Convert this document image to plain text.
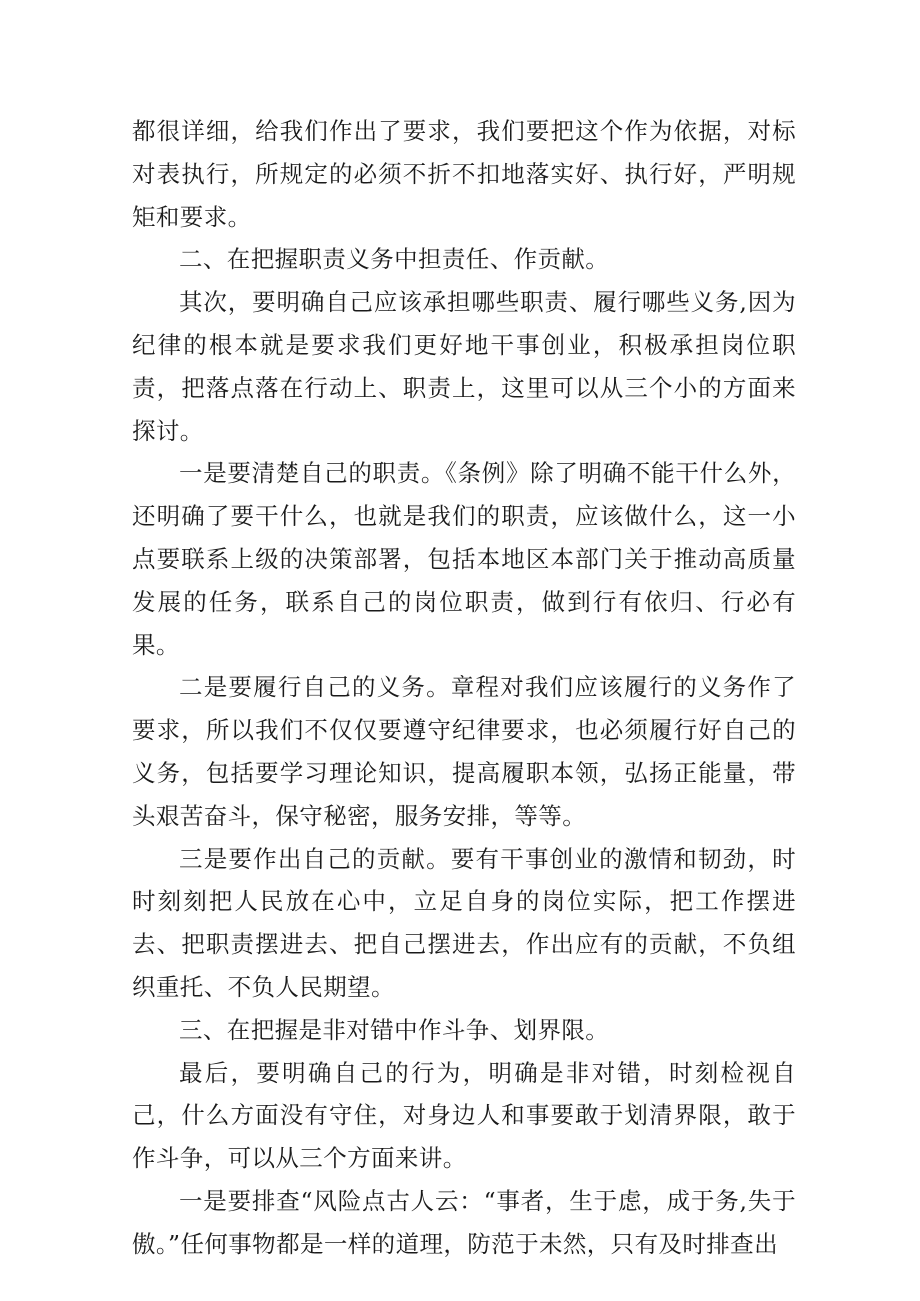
都很详细，给我们作出了要求，我们要把这个作为依据，对标对表执行，所规定的必须不折不扣地落实好、执行好，严明规矩和要求。

二、在把握职责义务中担责任、作贡献。

其次，要明确自己应该承担哪些职责、履行哪些义务,因为纪律的根本就是要求我们更好地干事创业，积极承担岗位职责，把落点落在行动上、职责上，这里可以从三个小的方面来探讨。

一是要清楚自己的职责。《条例》除了明确不能干什么外，还明确了要干什么，也就是我们的职责，应该做什么，这一小点要联系上级的决策部署，包括本地区本部门关于推动高质量发展的任务，联系自己的岗位职责，做到行有依归、行必有果。

二是要履行自己的义务。章程对我们应该履行的义务作了要求，所以我们不仅仅要遵守纪律要求，也必须履行好自己的义务，包括要学习理论知识，提高履职本领，弘扬正能量，带头艰苦奋斗，保守秘密，服务安排，等等。

三是要作出自己的贡献。要有干事创业的激情和韧劲，时时刻刻把人民放在心中，立足自身的岗位实际，把工作摆进去、把职责摆进去、把自己摆进去，作出应有的贡献，不负组织重托、不负人民期望。

三、在把握是非对错中作斗争、划界限。

最后，要明确自己的行为，明确是非对错，时刻检视自己，什么方面没有守住，对身边人和事要敢于划清界限，敢于作斗争，可以从三个方面来讲。

一是要排查“风险点古人云：“事者，生于虑，成于务,失于傲。”任何事物都是一样的道理，防范于未然，只有及时排查出
